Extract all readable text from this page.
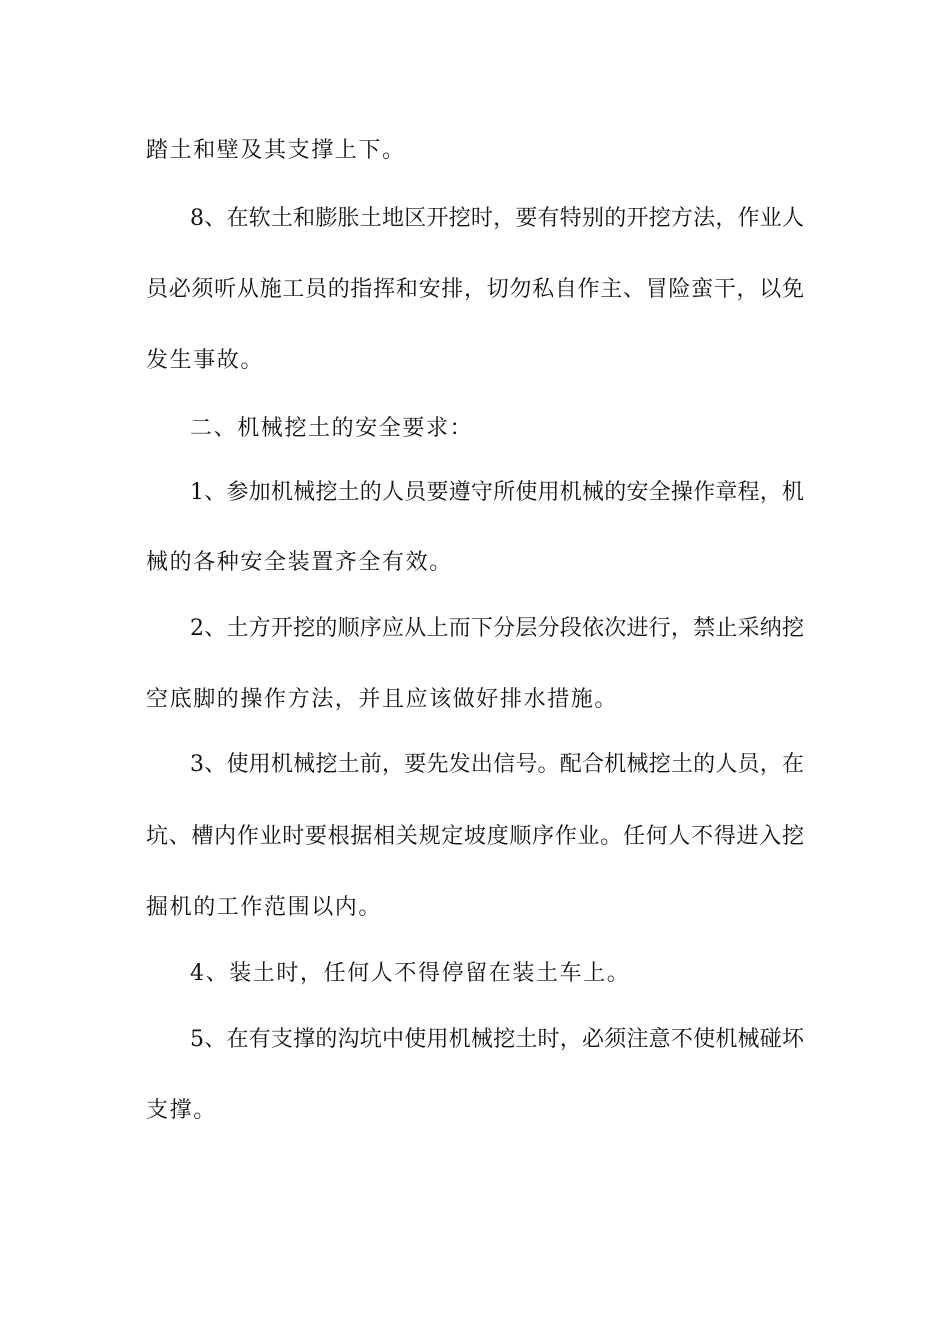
踏土和壁及其支撑上下。
8、在软土和膨胀土地区开挖时，要有特别的开挖方法，作业人
员必须听从施工员的指挥和安排，切勿私自作主、冒险蛮干，以免
发生事故。
二、机械挖土的安全要求：
1、参加机械挖土的人员要遵守所使用机械的安全操作章程，机
械的各种安全装置齐全有效。
2、土方开挖的顺序应从上而下分层分段依次进行，禁止采纳挖
空底脚的操作方法，并且应该做好排水措施。
3、使用机械挖土前，要先发出信号。配合机械挖土的人员，在
坑、槽内作业时要根据相关规定坡度顺序作业。任何人不得进入挖
掘机的工作范围以内。
4、装土时，任何人不得停留在装土车上。
5、在有支撑的沟坑中使用机械挖土时，必须注意不使机械碰坏
支撑。
